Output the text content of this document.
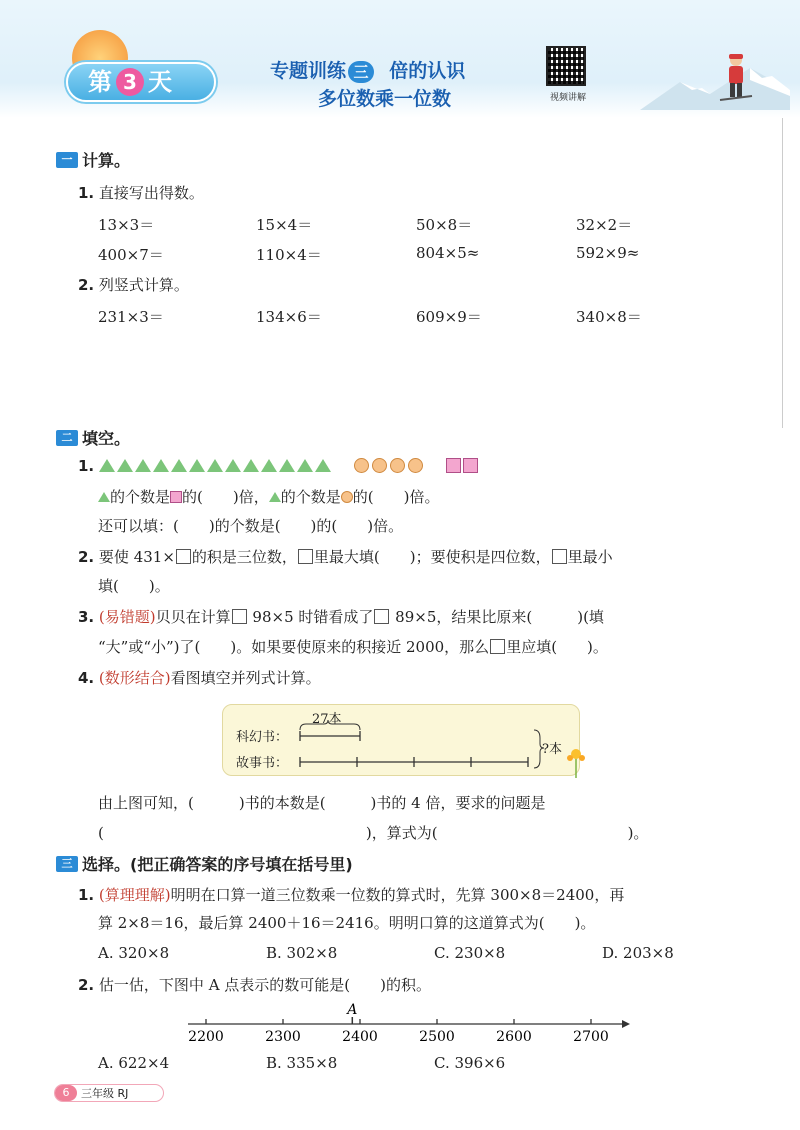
第 3 天	专题训练 三 倍的认识
多位数乘一位数	视频讲解
一 计算。
1. 直接写出得数。
13×3＝	15×4＝	50×8＝	32×2＝
400×7＝	110×4＝	804×5≈	592×9≈
2. 列竖式计算。
231×3＝	134×6＝	609×9＝	340×8＝
二 填空。
1.
的个数是 的(　　)倍， 的个数是 的(　　)倍。
还可以填：(　　)的个数是(　　)的(　　)倍。
2. 要使 431× 的积是三位数， 里最大填(　　)；要使积是四位数， 里最小
填(　　)。
3. (易错题)贝贝在计算 98×5 时错看成了 89×5，结果比原来(　　　)(填
“大”或“小”)了(　　)。如果要使原来的积接近 2000，那么 里应填(　　)。
4. (数形结合)看图填空并列式计算。
27本
科幻书：
故事书：
?本
由上图可知，(　　　)书的本数是(　　　)书的 4 倍，要求的问题是
(	)，算式为(	)。
三 选择。(把正确答案的序号填在括号里)
1. (算理理解)明明在口算一道三位数乘一位数的算式时，先算 300×8＝2400，再
算 2×8＝16，最后算 2400＋16＝2416。明明口算的这道算式为(　　)。
A. 320×8	B. 302×8	C. 230×8	D. 203×8
2. 估一估，下图中 A 点表示的数可能是(　　)的积。
2200	2300	2400	2500	2600	2700
A
A. 622×4	B. 335×8	C. 396×6
6	三年级
RJ
